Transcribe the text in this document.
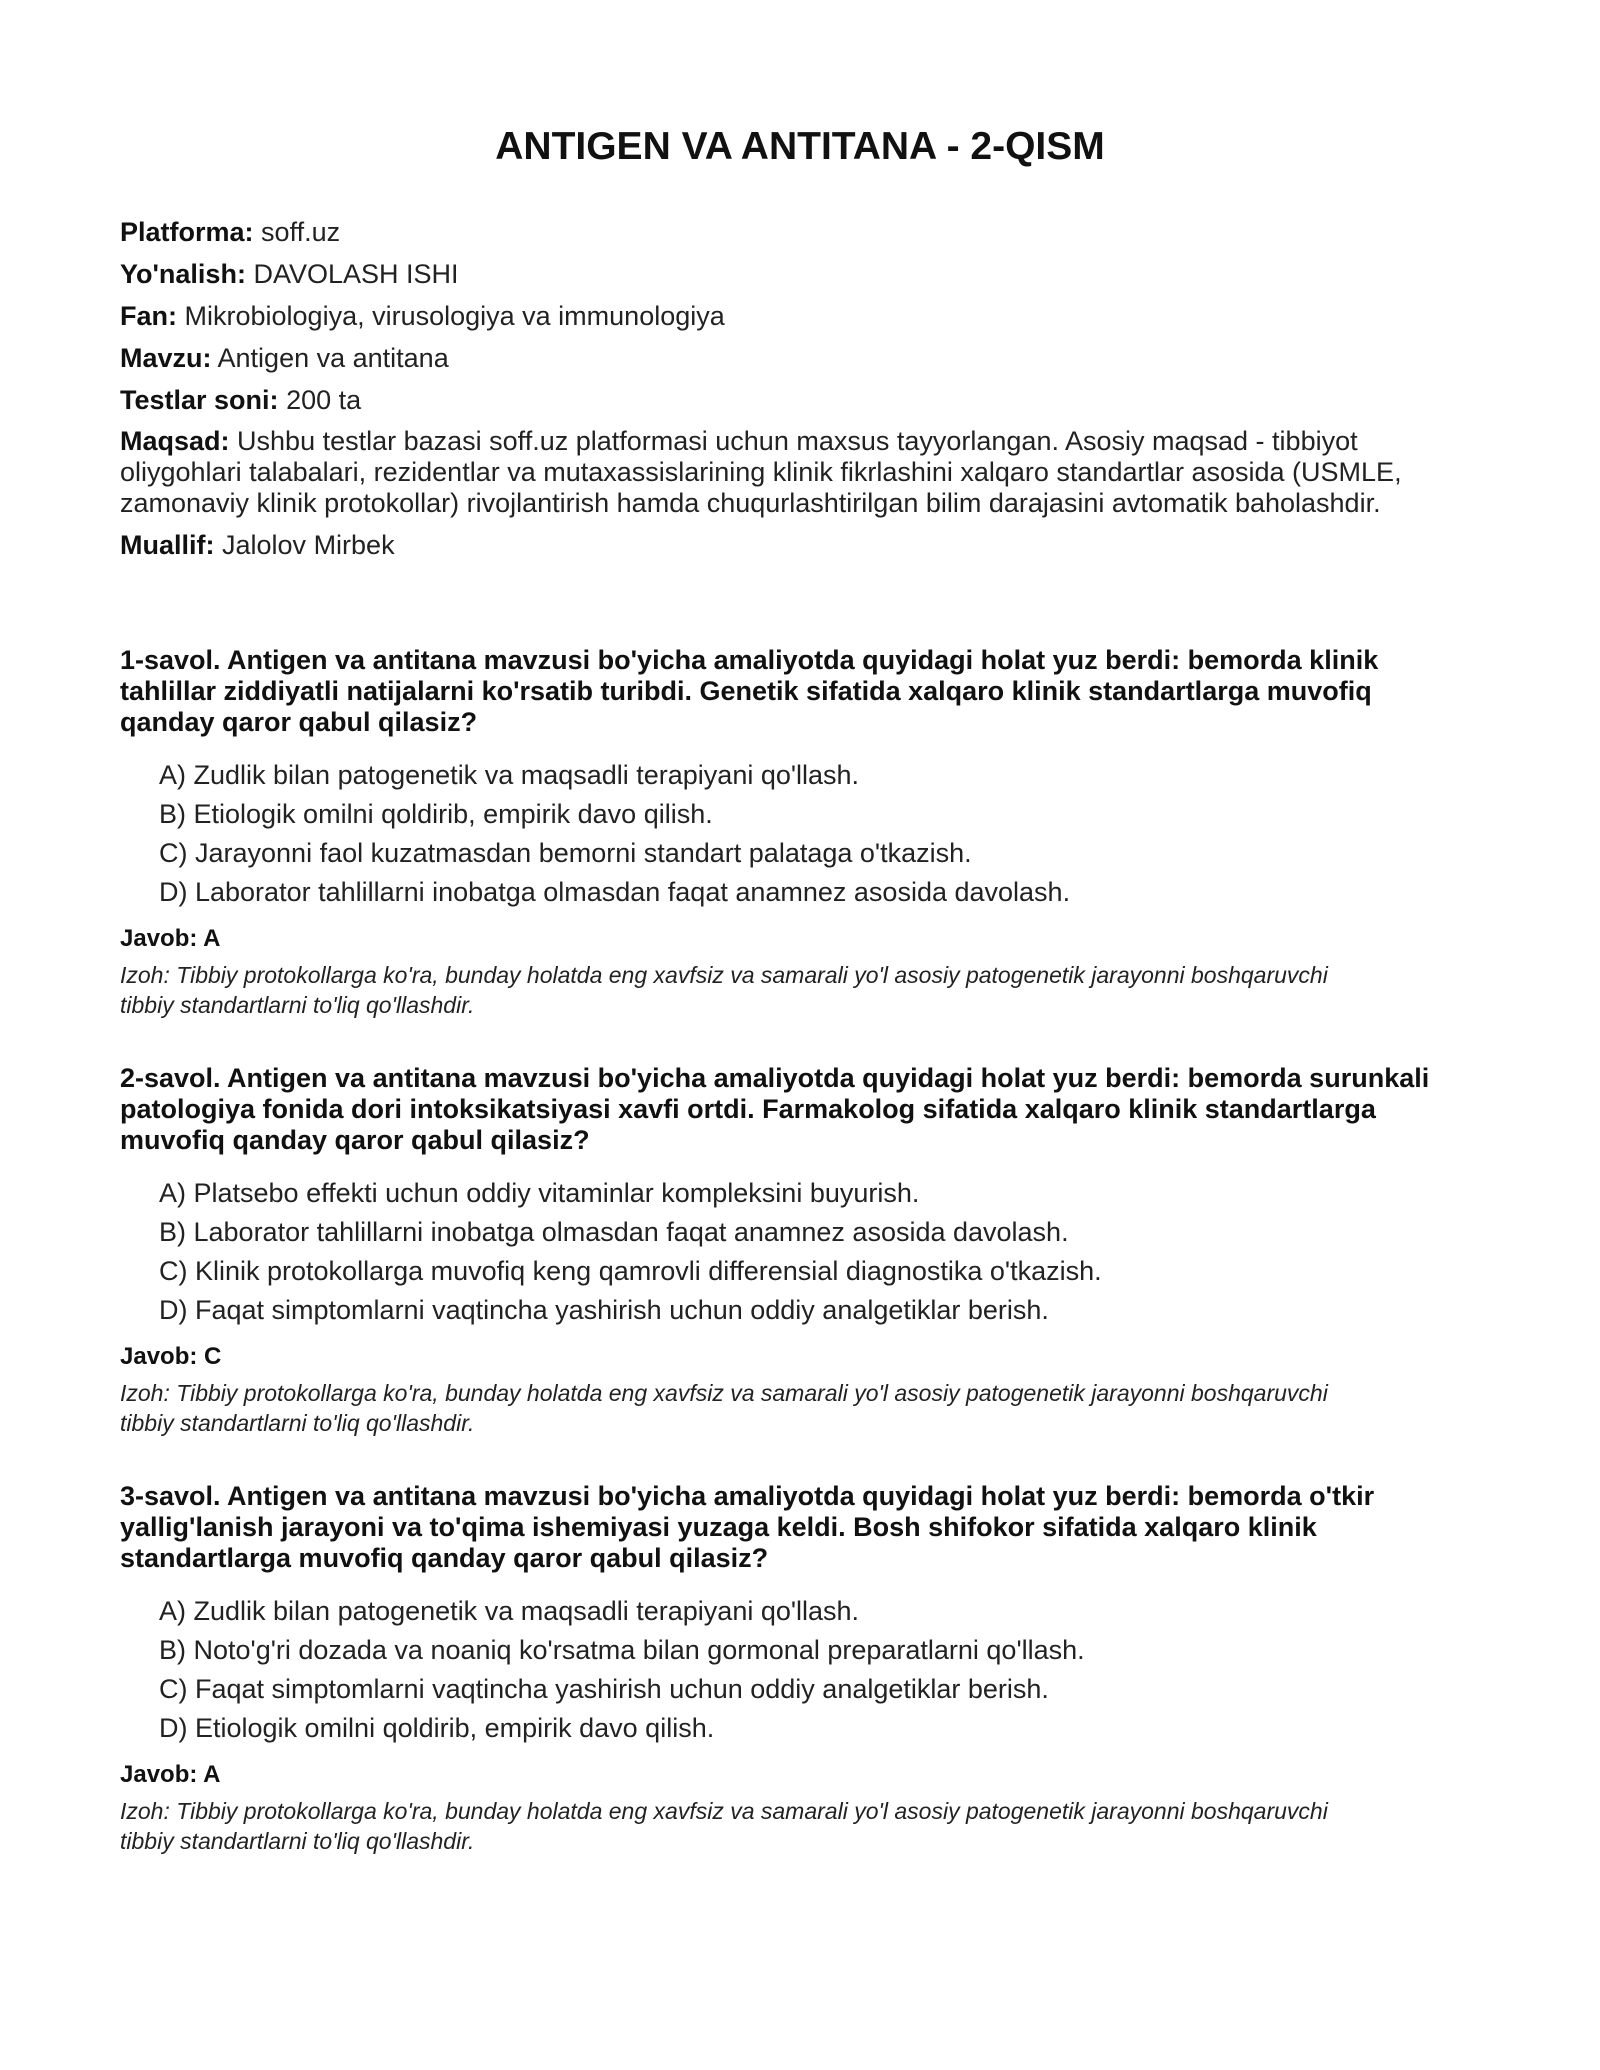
ANTIGEN VA ANTITANA - 2-QISM
Platforma: soff.uz
Yo'nalish: DAVOLASH ISHI
Fan: Mikrobiologiya, virusologiya va immunologiya
Mavzu: Antigen va antitana
Testlar soni: 200 ta
Maqsad: Ushbu testlar bazasi soff.uz platformasi uchun maxsus tayyorlangan. Asosiy maqsad - tibbiyot oliygohlari talabalari, rezidentlar va mutaxassislarining klinik fikrlashini xalqaro standartlar asosida (USMLE, zamonaviy klinik protokollar) rivojlantirish hamda chuqurlashtirilgan bilim darajasini avtomatik baholashdir.
Muallif: Jalolov Mirbek
1-savol. Antigen va antitana mavzusi bo'yicha amaliyotda quyidagi holat yuz berdi: bemorda klinik tahlillar ziddiyatli natijalarni ko'rsatib turibdi. Genetik sifatida xalqaro klinik standartlarga muvofiq qanday qaror qabul qilasiz?
A) Zudlik bilan patogenetik va maqsadli terapiyani qo'llash.
B) Etiologik omilni qoldirib, empirik davo qilish.
C) Jarayonni faol kuzatmasdan bemorni standart palataga o'tkazish.
D) Laborator tahlillarni inobatga olmasdan faqat anamnez asosida davolash.
Javob: A
Izoh: Tibbiy protokollarga ko'ra, bunday holatda eng xavfsiz va samarali yo'l asosiy patogenetik jarayonni boshqaruvchi tibbiy standartlarni to'liq qo'llashdir.
2-savol. Antigen va antitana mavzusi bo'yicha amaliyotda quyidagi holat yuz berdi: bemorda surunkali patologiya fonida dori intoksikatsiyasi xavfi ortdi. Farmakolog sifatida xalqaro klinik standartlarga muvofiq qanday qaror qabul qilasiz?
A) Platsebo effekti uchun oddiy vitaminlar kompleksini buyurish.
B) Laborator tahlillarni inobatga olmasdan faqat anamnez asosida davolash.
C) Klinik protokollarga muvofiq keng qamrovli differensial diagnostika o'tkazish.
D) Faqat simptomlarni vaqtincha yashirish uchun oddiy analgetiklar berish.
Javob: C
Izoh: Tibbiy protokollarga ko'ra, bunday holatda eng xavfsiz va samarali yo'l asosiy patogenetik jarayonni boshqaruvchi tibbiy standartlarni to'liq qo'llashdir.
3-savol. Antigen va antitana mavzusi bo'yicha amaliyotda quyidagi holat yuz berdi: bemorda o'tkir yallig'lanish jarayoni va to'qima ishemiyasi yuzaga keldi. Bosh shifokor sifatida xalqaro klinik standartlarga muvofiq qanday qaror qabul qilasiz?
A) Zudlik bilan patogenetik va maqsadli terapiyani qo'llash.
B) Noto'g'ri dozada va noaniq ko'rsatma bilan gormonal preparatlarni qo'llash.
C) Faqat simptomlarni vaqtincha yashirish uchun oddiy analgetiklar berish.
D) Etiologik omilni qoldirib, empirik davo qilish.
Javob: A
Izoh: Tibbiy protokollarga ko'ra, bunday holatda eng xavfsiz va samarali yo'l asosiy patogenetik jarayonni boshqaruvchi tibbiy standartlarni to'liq qo'llashdir.
